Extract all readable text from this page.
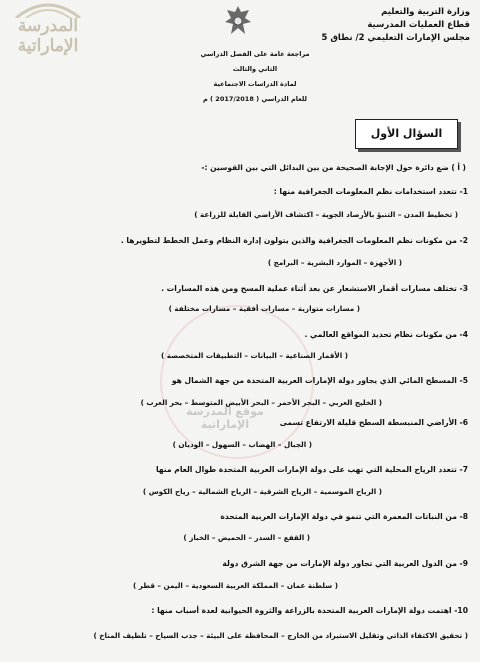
المدرسة
الإماراتية
وزارة التربية والتعليم
قطاع العمليات المدرسية
مجلس الإمارات التعليمي 2/ نطاق 5
مراجعة عامة على الفصل الدراسي الثاني والثالث
لمادة الدراسات الاجتماعية
للعام الدراسي ( 2017/2018 ) م
السؤال الأول
( أ ) ضع دائرة حول الإجابة الصحيحة من بين البدائل التي بين القوسين :-
موقع المدرسة الإماراتية
1- تتعدد استخدامات نظم المعلومات الجغرافية منها :
( تخطيط المدن – التنبؤ بالأرصاد الجوية – اكتشاف الأراضي القابلة للزراعة )
2- من مكونات نظم المعلومات الجغرافية والذين يتولون إدارة النظام وعمل الخطط لتطويرها .
( الأجهزة – الموارد البشرية – البرامج )
3- تختلف مسارات أقمار الاستشعار عن بعد أثناء عملية المسح ومن هذه المسارات .
( مسارات متوازية – مسارات أفقية – مسارات مختلفة )
4- من مكونات نظام تحديد المواقع العالمي .
( الأقمار الصناعية – البيانات – التطبيقات المتخصصة )
5- المسطح المائي الذي يجاور دولة الإمارات العربية المتحدة من جهة الشمال هو
( الخليج العربي – البحر الأحمر – البحر الأبيض المتوسط – بحر العرب )
6- الأراضي المنبسطة السطح قليلة الارتفاع تسمى
( الجبال – الهضاب – السهول – الوديان )
7- تتعدد الرياح المحلية التي تهب على دولة الإمارات العربية المتحدة طوال العام منها
( الرياح الموسمية – الرياح الشرقية – الرياح الشمالية – رياح الكوس )
8- من النباتات المعمرة التي تنمو في دولة الإمارات العربية المتحدة
( القفع – السدر – الحميض – الخباز )
9- من الدول العربية التي تجاور دولة الإمارات من جهة الشرق دولة
( سلطنة عمان – المملكة العربية السعودية – اليمن – قطر )
10- اهتمت دولة الإمارات العربية المتحدة بالزراعة والثروة الحيوانية لعدة أسباب منها :
( تحقيق الاكتفاء الذاتي وتقليل الاستيراد من الخارج – المحافظة على البيئة – جذب السياح – تلطيف المناخ )
